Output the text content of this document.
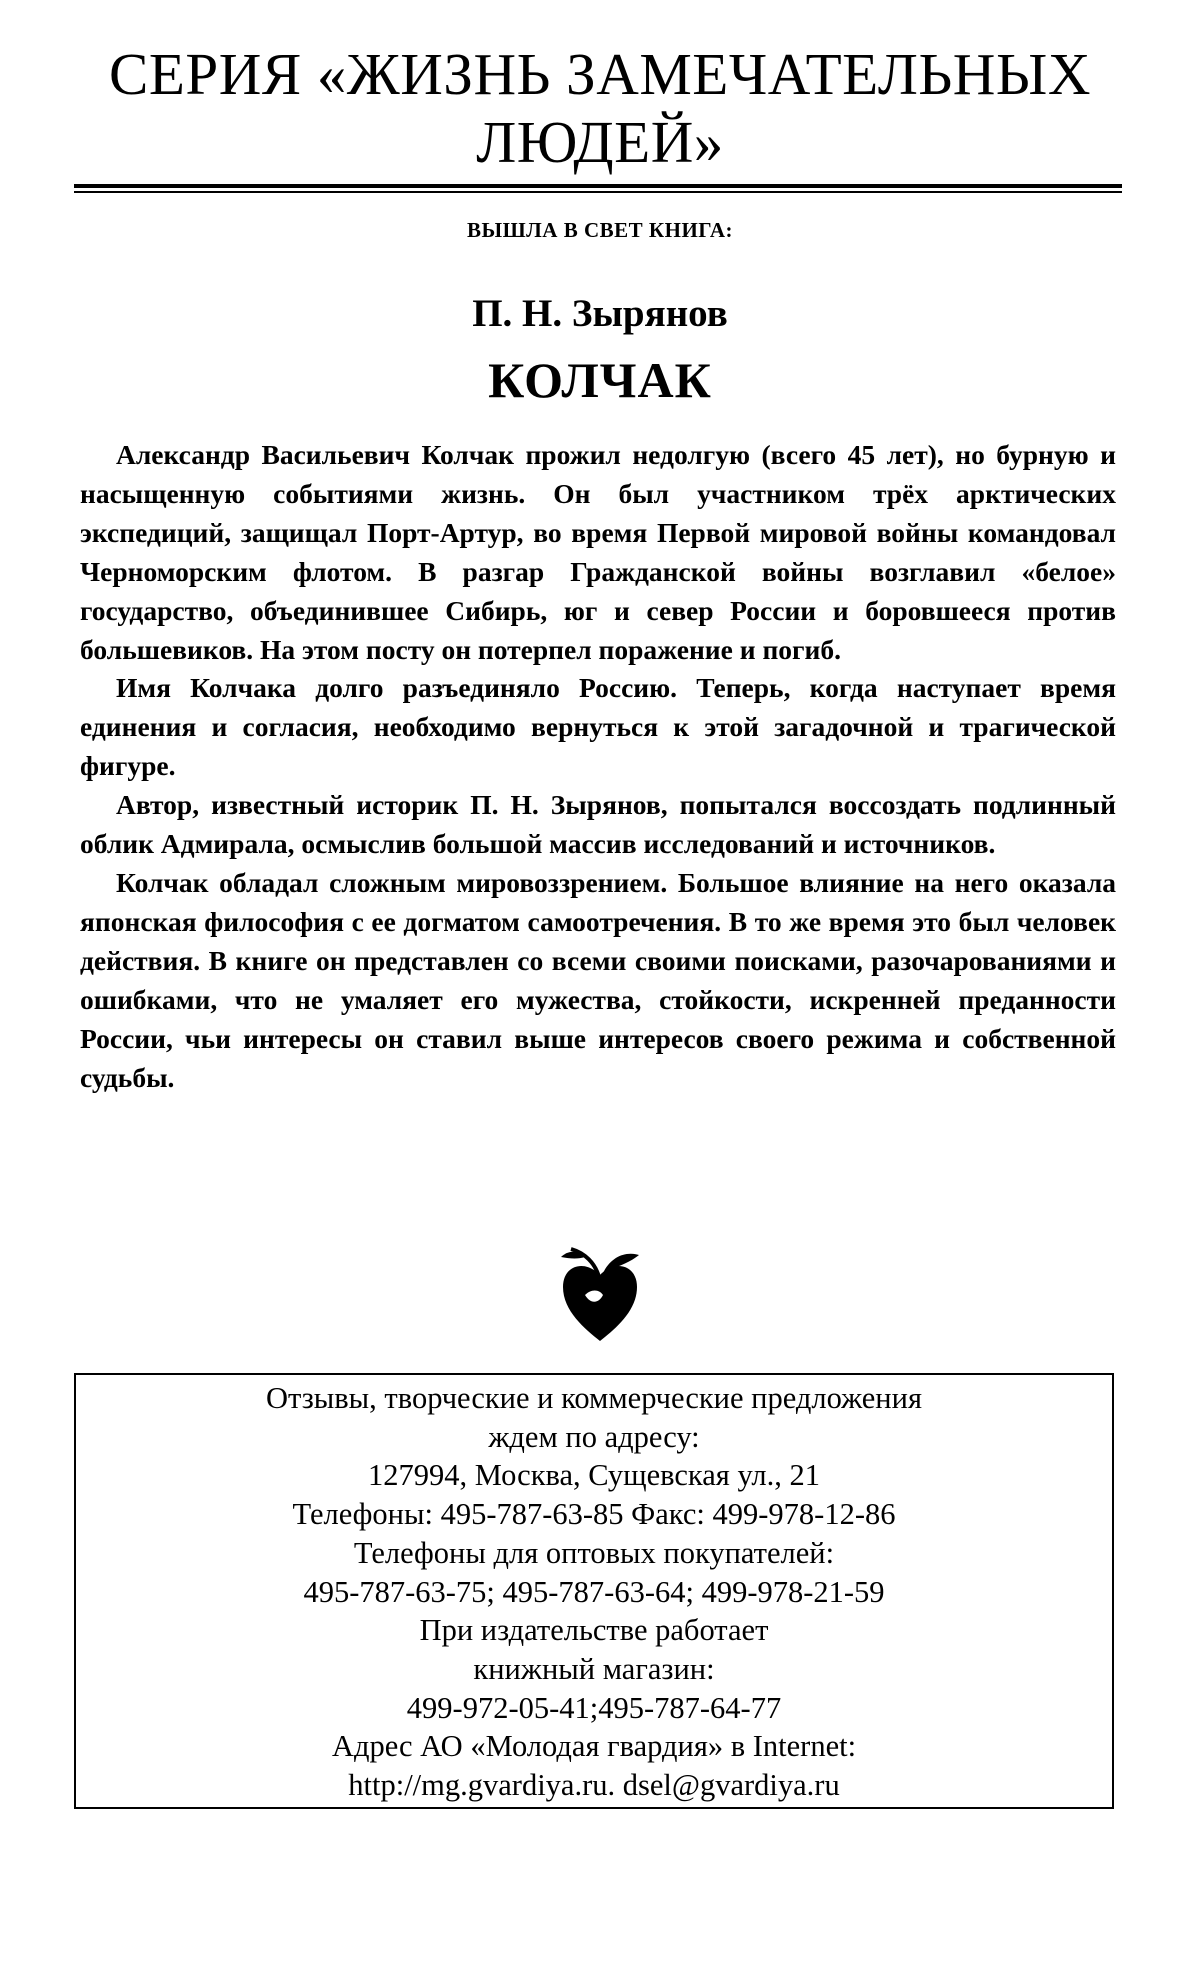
СЕРИЯ «ЖИЗНЬ ЗАМЕЧАТЕЛЬНЫХ
ЛЮДЕЙ»
ВЫШЛА В СВЕТ КНИГА:
П. Н. Зырянов
КОЛЧАК

Александр Васильевич Колчак прожил недолгую (всего 45 лет), но бурную и насыщенную событиями жизнь. Он был участником трёх арктических экспедиций, защищал Порт-Артур, во время Первой мировой войны командовал Черноморским флотом. В разгар Гражданской войны возглавил «белое» государство, объединившее Сибирь, юг и север России и боровшееся против большевиков. На этом посту он потерпел поражение и погиб.

Имя Колчака долго разъединяло Россию. Теперь, когда наступает время единения и согласия, необходимо вернуться к этой загадочной и трагической фигуре.

Автор, известный историк П. Н. Зырянов, попытался воссоздать подлинный облик Адмирала, осмыслив большой массив исследований и источников.

Колчак обладал сложным мировоззрением. Большое влияние на него оказала японская философия с ее догматом самоотречения. В то же время это был человек действия. В книге он представлен со всеми своими поисками, разочарованиями и ошибками, что не умаляет его мужества, стойкости, искренней преданности России, чьи интересы он ставил выше интересов своего режима и собственной судьбы.

Отзывы, творческие и коммерческие предложения
ждем по адресу:
127994, Москва, Сущевская ул., 21
Телефоны: 495-787-63-85 Факс: 499-978-12-86
Телефоны для оптовых покупателей:
495-787-63-75; 495-787-63-64; 499-978-21-59
При издательстве работает
книжный магазин:
499-972-05-41;495-787-64-77
Адрес АО «Молодая гвардия» в Internet:
http://mg.gvardiya.ru. dsel@gvardiya.ru
